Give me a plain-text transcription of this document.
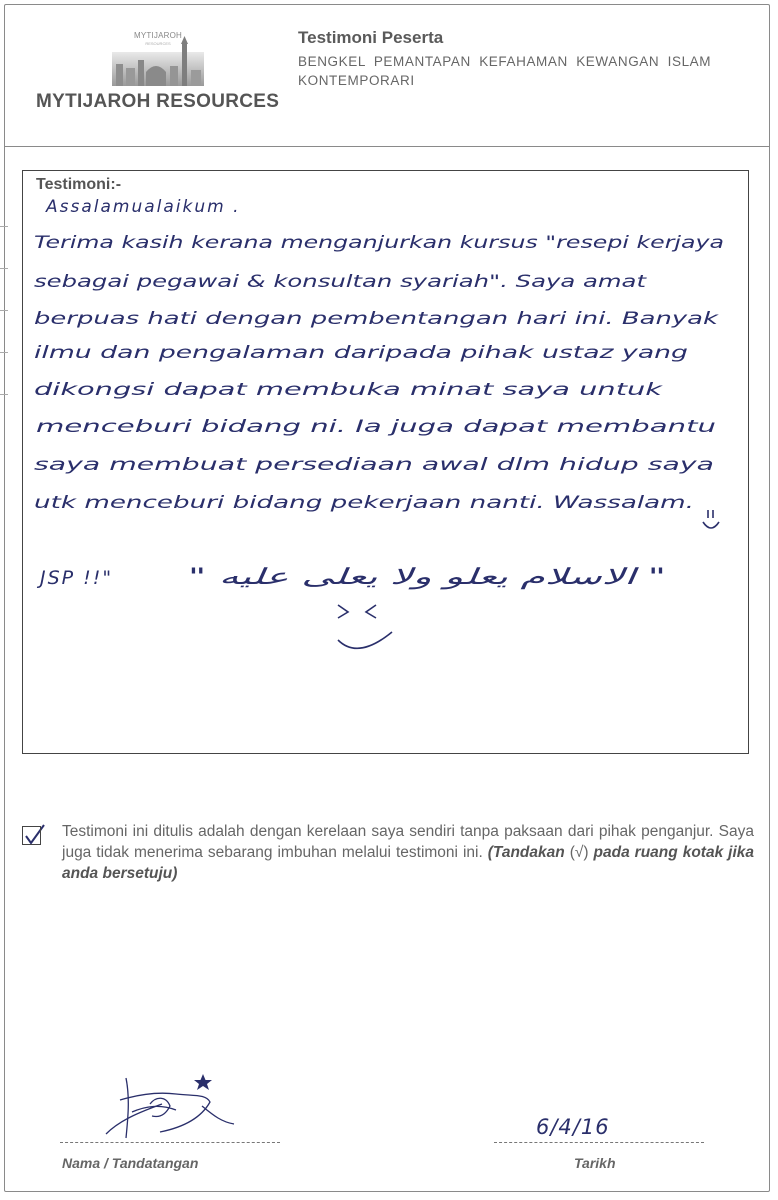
MYTIJAROH
RESOURCES
MYTIJAROH RESOURCES
Testimoni Peserta
BENGKEL PEMANTAPAN KEFAHAMAN KEWANGAN ISLAM KONTEMPORARI
Testimoni:-
Assalamualaikum .
Terima kasih kerana menganjurkan kursus "resepi kerjaya
sebagai pegawai & konsultan syariah". Saya amat
berpuas hati dengan pembentangan hari ini. Banyak
ilmu dan pengalaman daripada pihak ustaz yang
dikongsi dapat membuka minat saya untuk
menceburi bidang ni. Ia juga dapat membantu
saya membuat persediaan awal dlm hidup saya
utk menceburi bidang pekerjaan nanti. Wassalam.
JSP !!"	" الاسلام يعلو ولا يعلى عليه "
6/4/16
Testimoni ini ditulis adalah dengan kerelaan saya sendiri tanpa paksaan dari pihak penganjur. Saya juga tidak menerima sebarang imbuhan melalui testimoni ini. (Tandakan (√) pada ruang kotak jika anda bersetuju)
Nama / Tandatangan	Tarikh
